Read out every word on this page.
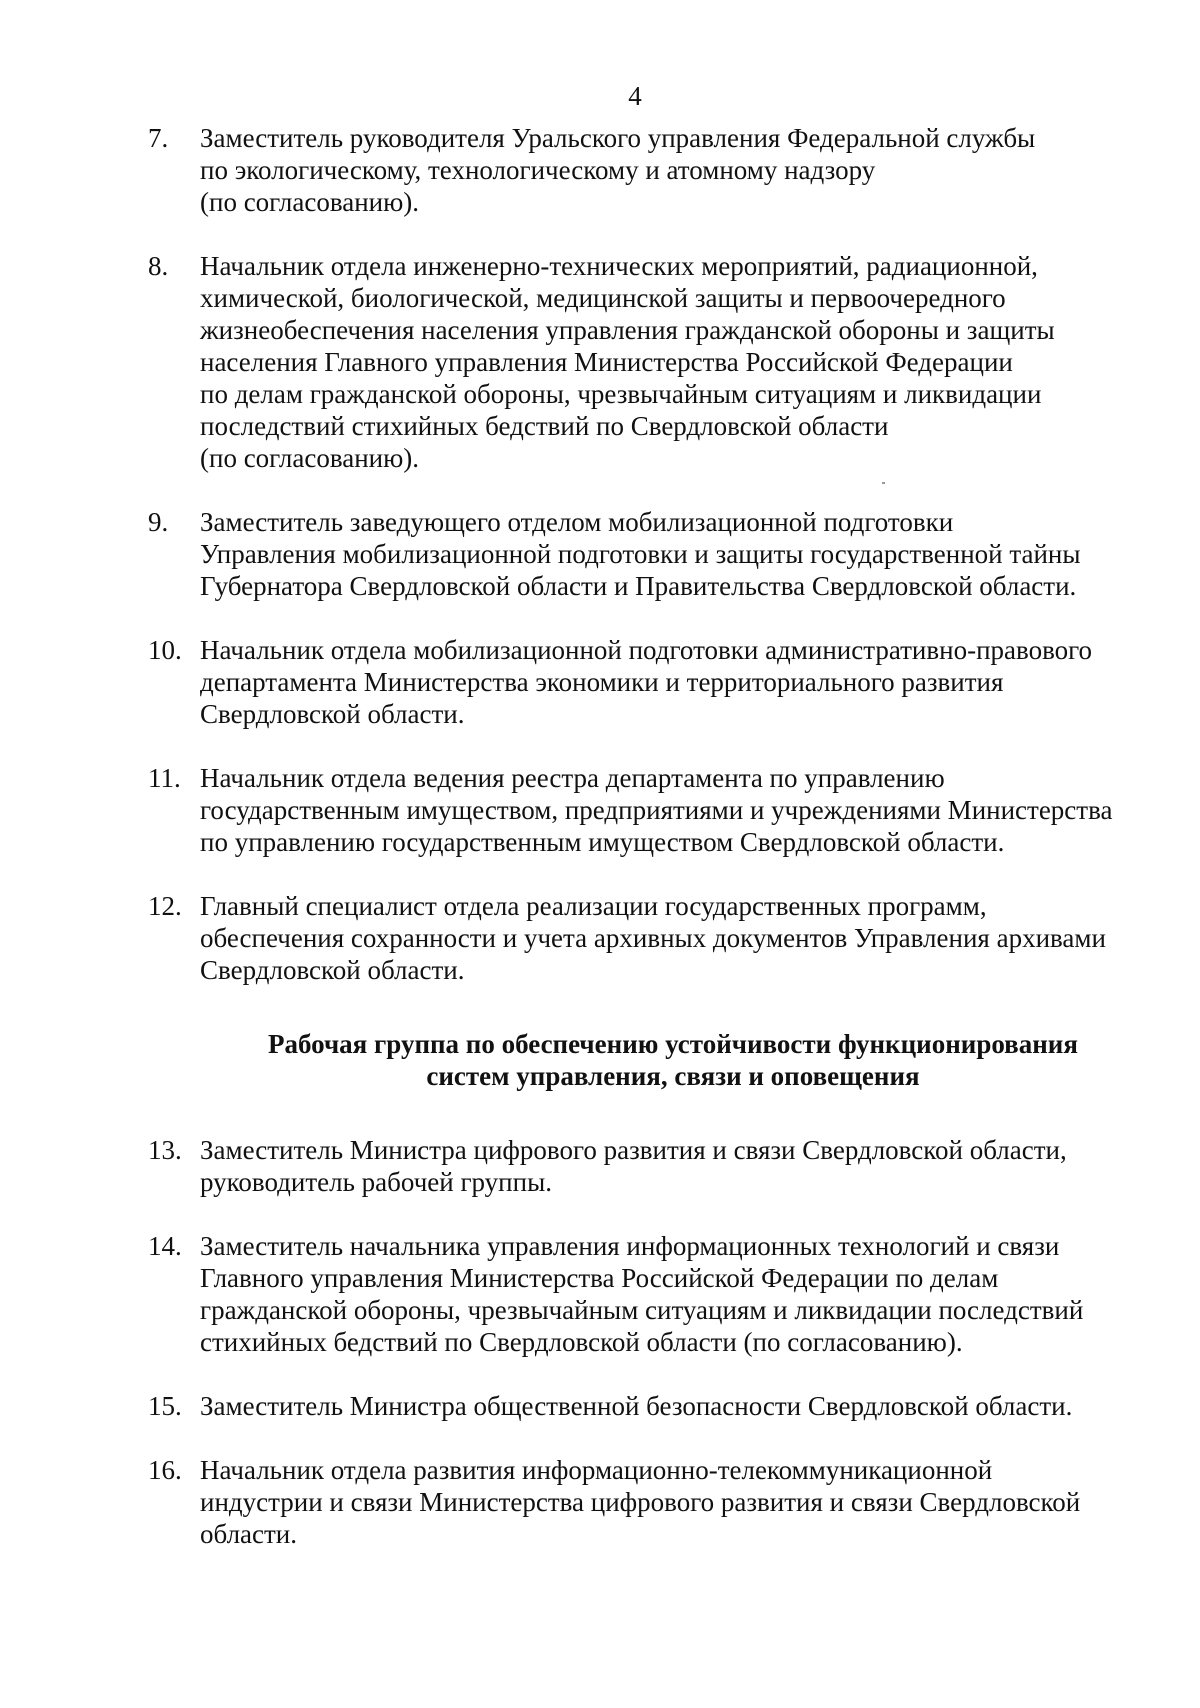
4
7. Заместитель руководителя Уральского управления Федеральной службы
по экологическому, технологическому и атомному надзору
(по согласованию).
8. Начальник отдела инженерно-технических мероприятий, радиационной,
химической, биологической, медицинской защиты и первоочередного
жизнеобеспечения населения управления гражданской обороны и защиты
населения Главного управления Министерства Российской Федерации
по делам гражданской обороны, чрезвычайным ситуациям и ликвидации
последствий стихийных бедствий по Свердловской области
(по согласованию).
9. Заместитель заведующего отделом мобилизационной подготовки
Управления мобилизационной подготовки и защиты государственной тайны
Губернатора Свердловской области и Правительства Свердловской области.
10. Начальник отдела мобилизационной подготовки административно-правового
департамента Министерства экономики и территориального развития
Свердловской области.
11. Начальник отдела ведения реестра департамента по управлению
государственным имуществом, предприятиями и учреждениями Министерства
по управлению государственным имуществом Свердловской области.
12. Главный специалист отдела реализации государственных программ,
обеспечения сохранности и учета архивных документов Управления архивами
Свердловской области.
Рабочая группа по обеспечению устойчивости функционирования
систем управления, связи и оповещения
13. Заместитель Министра цифрового развития и связи Свердловской области,
руководитель рабочей группы.
14. Заместитель начальника управления информационных технологий и связи
Главного управления Министерства Российской Федерации по делам
гражданской обороны, чрезвычайным ситуациям и ликвидации последствий
стихийных бедствий по Свердловской области (по согласованию).
15. Заместитель Министра общественной безопасности Свердловской области.
16. Начальник отдела развития информационно-телекоммуникационной
индустрии и связи Министерства цифрового развития и связи Свердловской
области.
